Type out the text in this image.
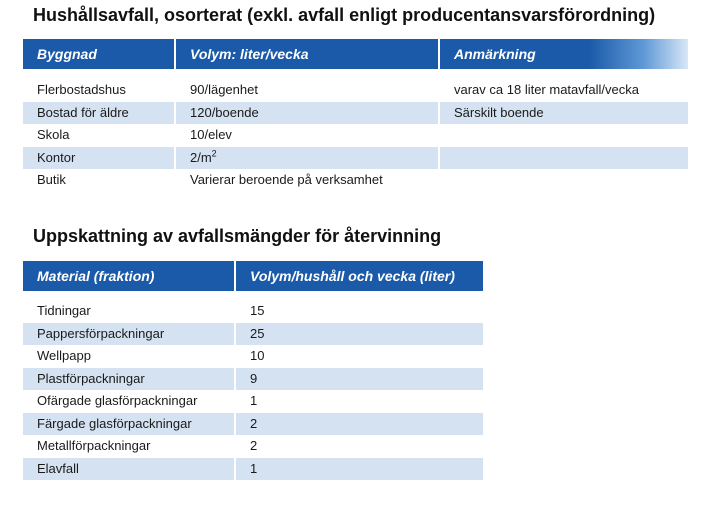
Hushållsavfall, osorterat (exkl. avfall enligt producentansvarsförordning)
Byggnad	Volym: liter/vecka	Anmärkning
Flerbostadshus	90/lägenhet	varav ca 18 liter matavfall/vecka
Bostad för äldre	120/boende	Särskilt boende
Skola	10/elev
Kontor	$2/m^2$
Butik	Varierar beroende på verksamhet
Uppskattning av avfallsmängder för återvinning
Material (fraktion)	Volym/hushåll och vecka (liter)
Tidningar	15
Pappersförpackningar	25
Wellpapp	10
Plastförpackningar	9
Ofärgade glasförpackningar	1
Färgade glasförpackningar	2
Metallförpackningar	2
Elavfall	1
